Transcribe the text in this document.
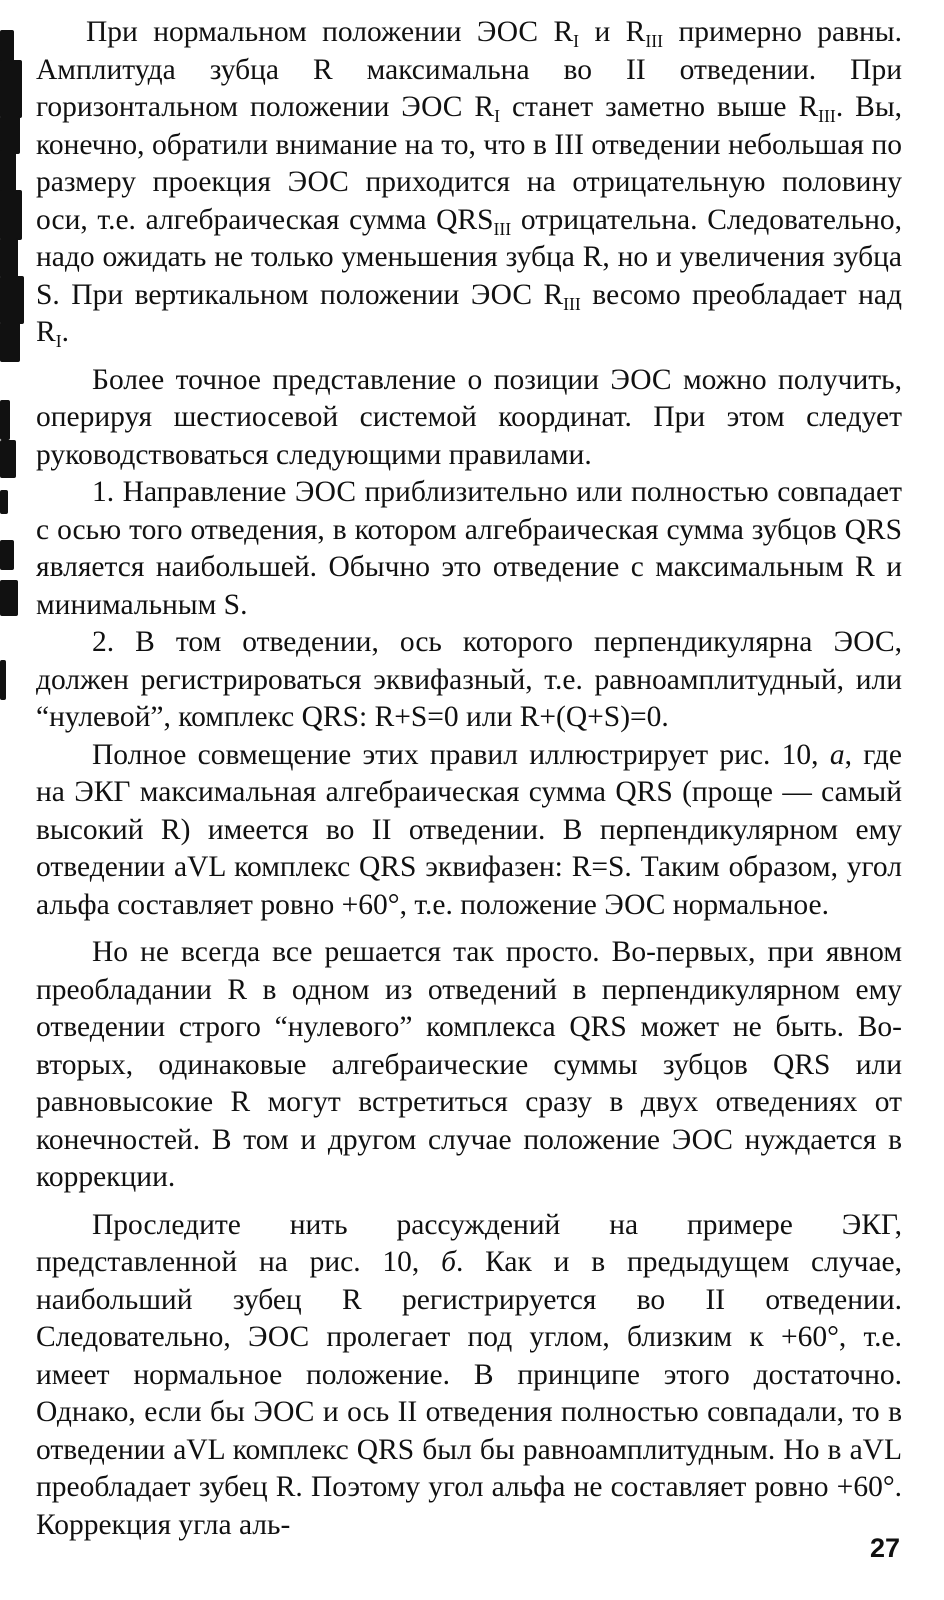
При нормальном положении ЭОС $R_I$ и $R_{III}$ примерно равны. Амплитуда зубца R максимальна во II отведении. При горизонтальном положении ЭОС $R_I$ станет заметно выше $R_{III}$. Вы, конечно, обратили внимание на то, что в III отведении небольшая по размеру проекция ЭОС приходится на отрицательную половину оси, т.е. алгебраическая сумма $QRS_{III}$ отрицательна. Следовательно, надо ожидать не только уменьшения зубца R, но и увеличения зубца S. При вертикальном положении ЭОС $R_{III}$ весомо преобладает над $R_I$.

Более точное представление о позиции ЭОС можно получить, оперируя шестиосевой системой координат. При этом следует руководствоваться следующими правилами.

1. Направление ЭОС приблизительно или полностью совпадает с осью того отведения, в котором алгебраическая сумма зубцов QRS является наибольшей. Обычно это отведение с максимальным R и минимальным S.

2. В том отведении, ось которого перпендикулярна ЭОС, должен регистрироваться эквифазный, т.е. равноамплитудный, или “нулевой”, комплекс QRS: R+S=0 или R+(Q+S)=0.

Полное совмещение этих правил иллюстрирует рис. 10, а, где на ЭКГ максимальная алгебраическая сумма QRS (проще — самый высокий R) имеется во II отведении. В перпендикулярном ему отведении aVL комплекс QRS эквифазен: R=S. Таким образом, угол альфа составляет ровно +60°, т.е. положение ЭОС нормальное.

Но не всегда все решается так просто. Во-первых, при явном преобладании R в одном из отведений в перпендикулярном ему отведении строго “нулевого” комплекса QRS может не быть. Во-вторых, одинаковые алгебраические суммы зубцов QRS или равновысокие R могут встретиться сразу в двух отведениях от конечностей. В том и другом случае положение ЭОС нуждается в коррекции.

Проследите нить рассуждений на примере ЭКГ, представленной на рис. 10, б. Как и в предыдущем случае, наибольший зубец R регистрируется во II отведении. Следовательно, ЭОС пролегает под углом, близким к +60°, т.е. имеет нормальное положение. В принципе этого достаточно. Однако, если бы ЭОС и ось II отведения полностью совпадали, то в отведении aVL комплекс QRS был бы равноамплитудным. Но в aVL преобладает зубец R. Поэтому угол альфа не составляет ровно +60°. Коррекция угла аль-

27
